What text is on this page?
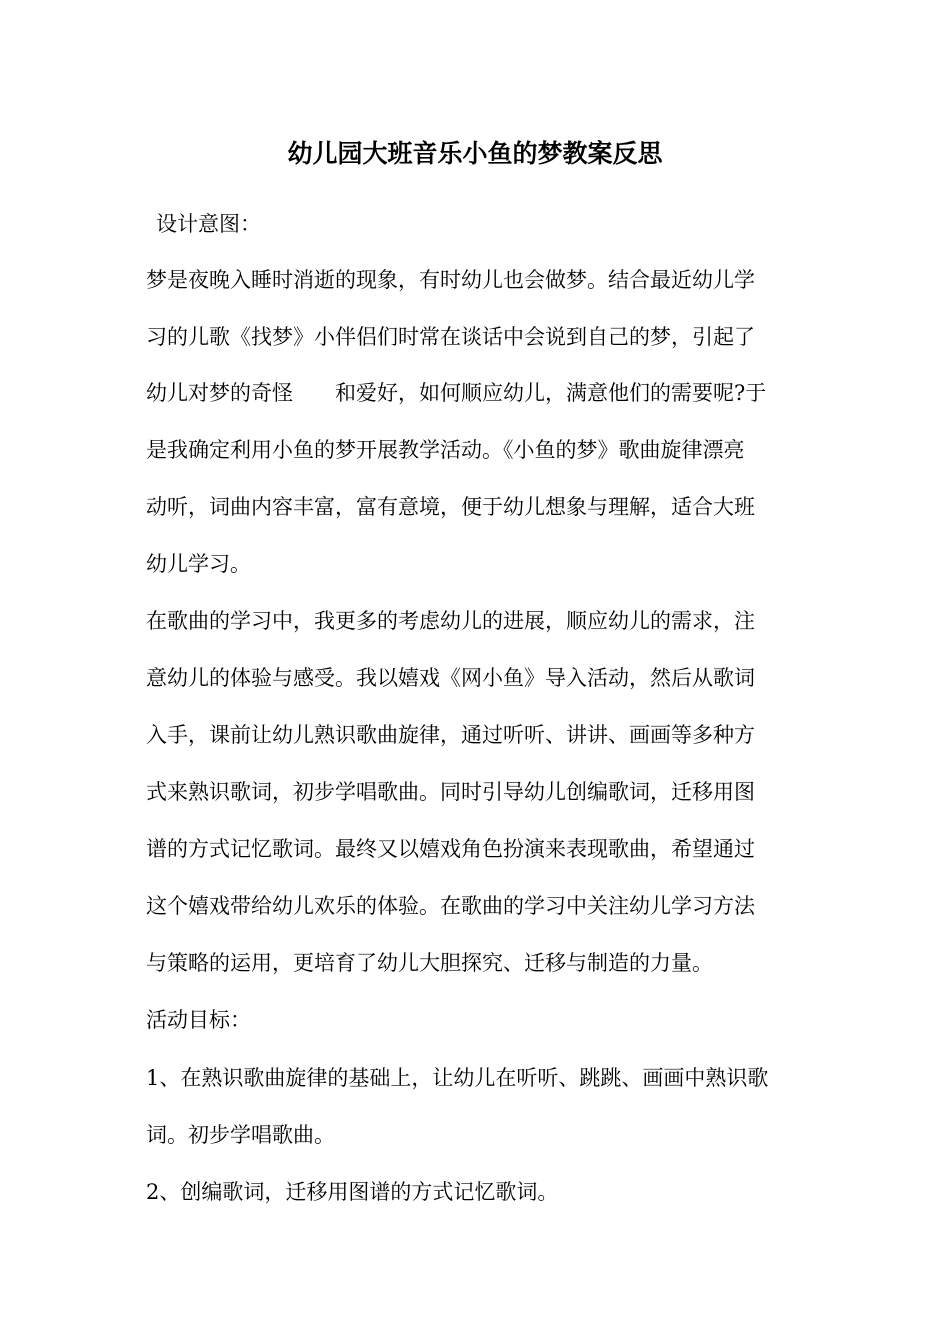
幼儿园大班音乐小鱼的梦教案反思
设计意图：
梦是夜晚入睡时消逝的现象，有时幼儿也会做梦。结合最近幼儿学
习的儿歌《找梦》小伴侣们时常在谈话中会说到自己的梦，引起了
幼儿对梦的奇怪　　和爱好，如何顺应幼儿，满意他们的需要呢?于
是我确定利用小鱼的梦开展教学活动。《小鱼的梦》歌曲旋律漂亮
动听，词曲内容丰富，富有意境，便于幼儿想象与理解，适合大班
幼儿学习。
在歌曲的学习中，我更多的考虑幼儿的进展，顺应幼儿的需求，注
意幼儿的体验与感受。我以嬉戏《网小鱼》导入活动，然后从歌词
入手，课前让幼儿熟识歌曲旋律，通过听听、讲讲、画画等多种方
式来熟识歌词，初步学唱歌曲。同时引导幼儿创编歌词，迁移用图
谱的方式记忆歌词。最终又以嬉戏角色扮演来表现歌曲，希望通过
这个嬉戏带给幼儿欢乐的体验。在歌曲的学习中关注幼儿学习方法
与策略的运用，更培育了幼儿大胆探究、迁移与制造的力量。
活动目标：
1、在熟识歌曲旋律的基础上，让幼儿在听听、跳跳、画画中熟识歌
词。初步学唱歌曲。
2、创编歌词，迁移用图谱的方式记忆歌词。
